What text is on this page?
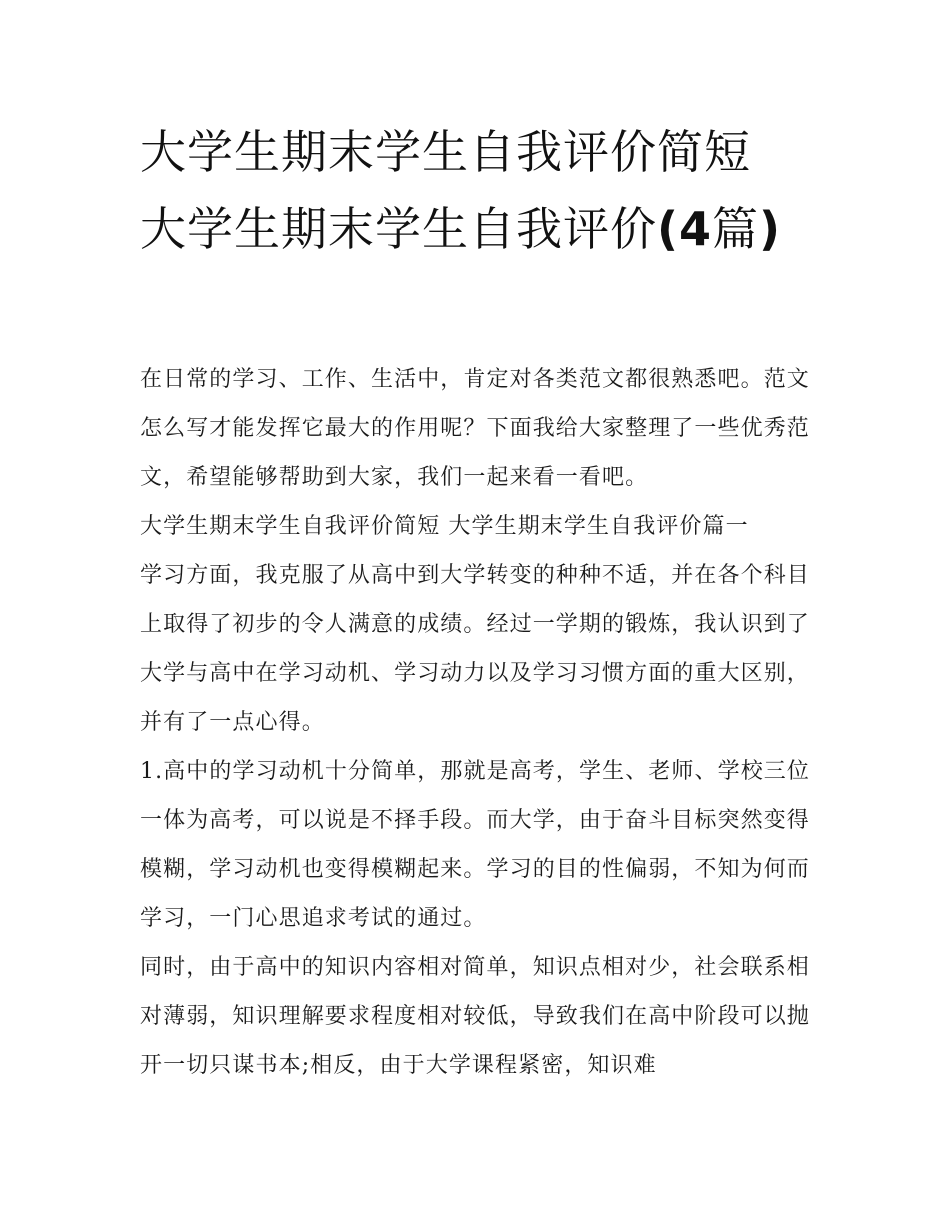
大学生期末学生自我评价简短
大学生期末学生自我评价(4篇)

在日常的学习、工作、生活中，肯定对各类范文都很熟悉吧。范文怎么写才能发挥它最大的作用呢？下面我给大家整理了一些优秀范文，希望能够帮助到大家，我们一起来看一看吧。

大学生期末学生自我评价简短 大学生期末学生自我评价篇一

学习方面，我克服了从高中到大学转变的种种不适，并在各个科目上取得了初步的令人满意的成绩。经过一学期的锻炼，我认识到了大学与高中在学习动机、学习动力以及学习习惯方面的重大区别，并有了一点心得。

1.高中的学习动机十分简单，那就是高考，学生、老师、学校三位一体为高考，可以说是不择手段。而大学，由于奋斗目标突然变得模糊，学习动机也变得模糊起来。学习的目的性偏弱，不知为何而学习，一门心思追求考试的通过。

同时，由于高中的知识内容相对简单，知识点相对少，社会联系相对薄弱，知识理解要求程度相对较低，导致我们在高中阶段可以抛开一切只谋书本;相反，由于大学课程紧密，知识难
